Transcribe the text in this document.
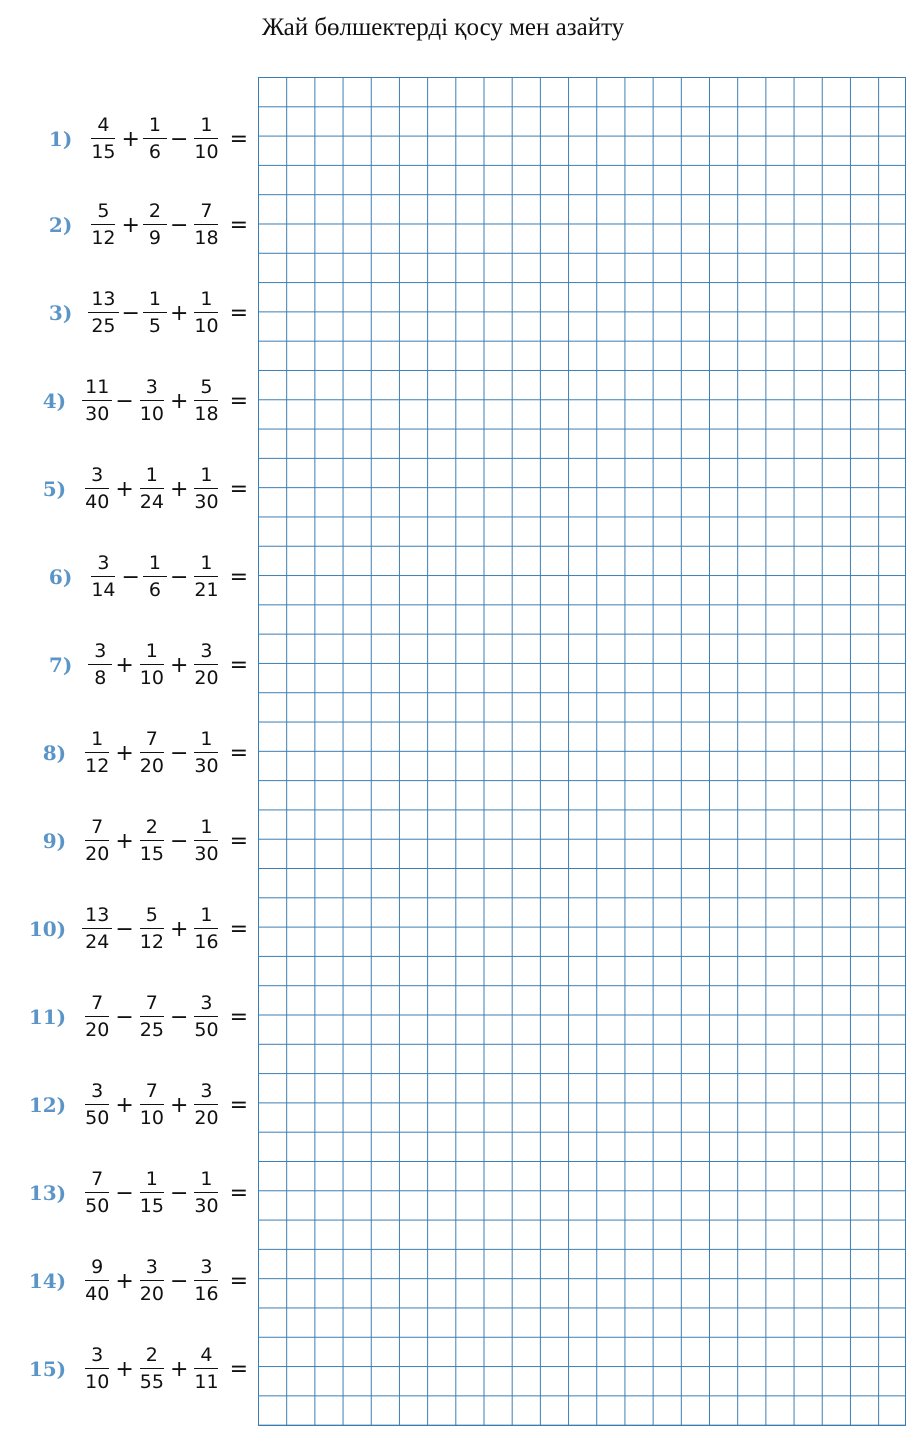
Жай бөлшектерді қосу мен азайту
$1) \frac{4}{15} + \frac{1}{6} - \frac{1}{10}$ =
$2) \frac{5}{12} + \frac{2}{9} - \frac{7}{18}$ =
$3) \frac{13}{25} - \frac{1}{5} + \frac{1}{10}$ =
$4) \frac{11}{30} - \frac{3}{10} + \frac{5}{18}$ =
$5) \frac{3}{40} + \frac{1}{24} + \frac{1}{30}$ =
$6) \frac{3}{14} - \frac{1}{6} - \frac{1}{21}$ =
$7) \frac{3}{8} + \frac{1}{10} + \frac{3}{20}$ =
$8) \frac{1}{12} + \frac{7}{20} - \frac{1}{30}$ =
$9) \frac{7}{20} + \frac{2}{15} - \frac{1}{30}$ =
$10) \frac{13}{24} - \frac{5}{12} + \frac{1}{16}$ =
$11) \frac{7}{20} - \frac{7}{25} - \frac{3}{50}$ =
$12) \frac{3}{50} + \frac{7}{10} + \frac{3}{20}$ =
$13) \frac{7}{50} - \frac{1}{15} - \frac{1}{30}$ =
$14) \frac{9}{40} + \frac{3}{20} - \frac{3}{16}$ =
$15) \frac{3}{10} + \frac{2}{55} + \frac{4}{11}$ =
